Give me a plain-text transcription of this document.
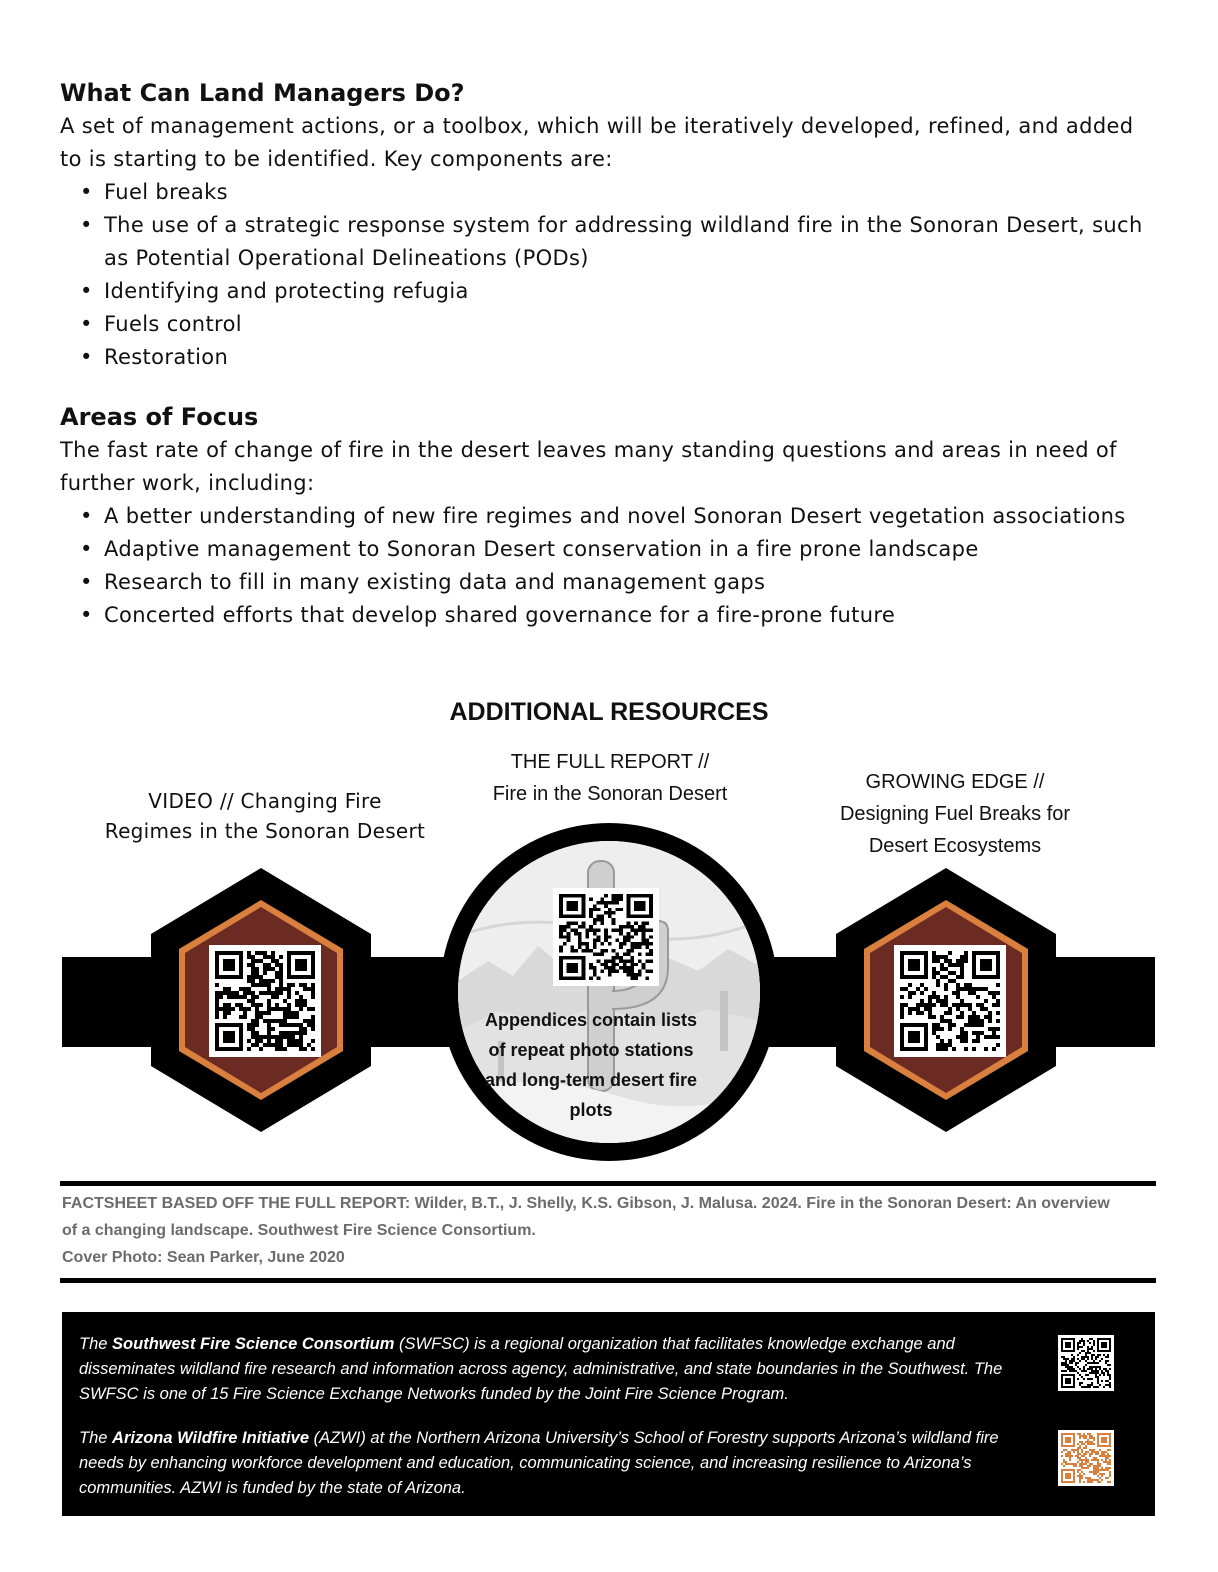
What Can Land Managers Do?

A set of management actions, or a toolbox, which will be iteratively developed, refined, and added to is starting to be identified. Key components are:

• Fuel breaks
• The use of a strategic response system for addressing wildland fire in the Sonoran Desert, such as Potential Operational Delineations (PODs)
• Identifying and protecting refugia
• Fuels control
• Restoration
Areas of Focus

The fast rate of change of fire in the desert leaves many standing questions and areas in need of further work, including:

• A better understanding of new fire regimes and novel Sonoran Desert vegetation associations
• Adaptive management to Sonoran Desert conservation in a fire prone landscape
• Research to fill in many existing data and management gaps
• Concerted efforts that develop shared governance for a fire-prone future
ADDITIONAL RESOURCES
VIDEO // Changing Fire
Regimes in the Sonoran Desert
THE FULL REPORT //
Fire in the Sonoran Desert
GROWING EDGE //
Designing Fuel Breaks for
Desert Ecosystems
Appendices contain lists of repeat photo stations and long-term desert fire plots
FACTSHEET BASED OFF THE FULL REPORT: Wilder, B.T., J. Shelly, K.S. Gibson, J. Malusa. 2024. Fire in the Sonoran Desert: An overview of a changing landscape. Southwest Fire Science Consortium.
Cover Photo: Sean Parker, June 2020

The Southwest Fire Science Consortium (SWFSC) is a regional organization that facilitates knowledge exchange and disseminates wildland fire research and information across agency, administrative, and state boundaries in the Southwest. The SWFSC is one of 15 Fire Science Exchange Networks funded by the Joint Fire Science Program.

The Arizona Wildfire Initiative (AZWI) at the Northern Arizona University’s School of Forestry supports Arizona’s wildland fire needs by enhancing workforce development and education, communicating science, and increasing resilience to Arizona’s communities. AZWI is funded by the state of Arizona.
